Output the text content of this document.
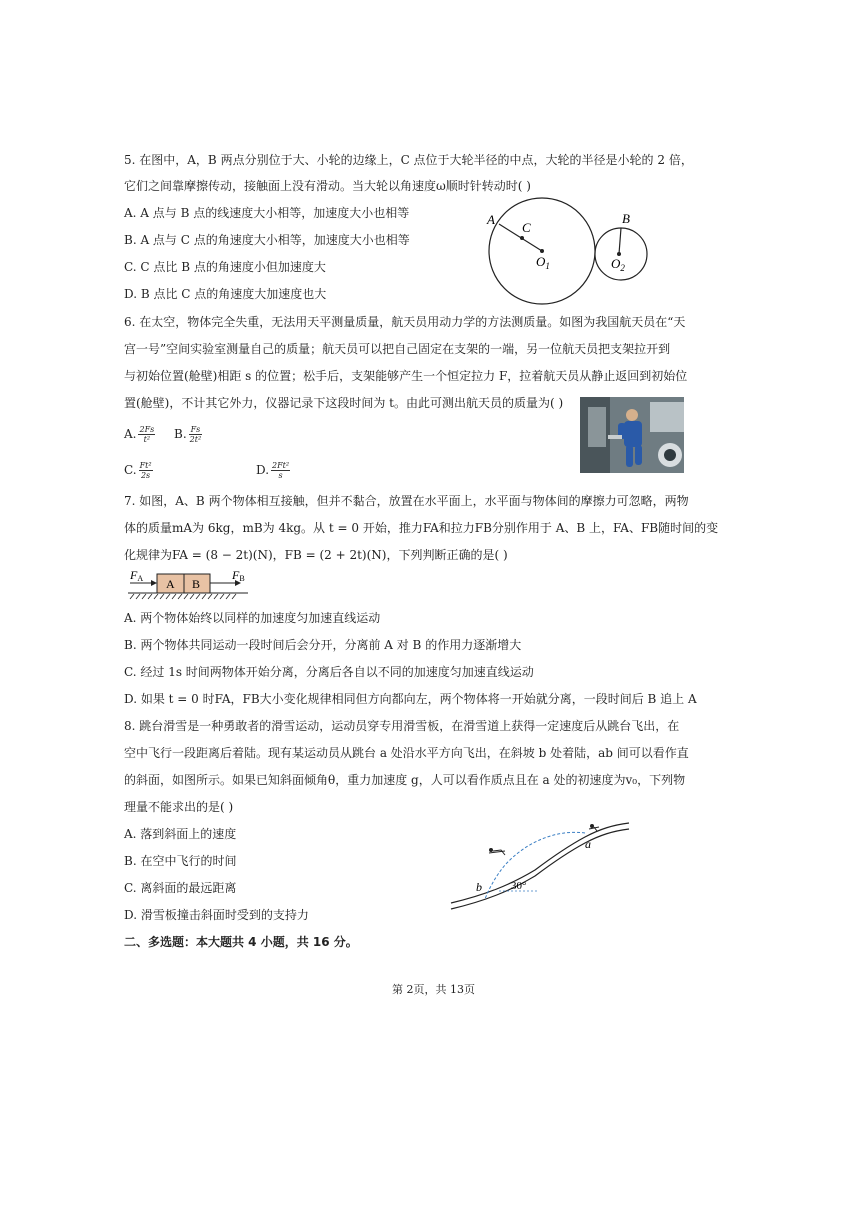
5. 在图中，A，B 两点分别位于大、小轮的边缘上，C 点位于大轮半径的中点，大轮的半径是小轮的 2 倍，
它们之间靠摩擦传动，接触面上没有滑动。当大轮以角速度ω顺时针转动时( )
A. A 点与 B 点的线速度大小相等，加速度大小也相等
B. A 点与 C 点的角速度大小相等，加速度大小也相等
C. C 点比 B 点的角速度小但加速度大
D. B 点比 C 点的角速度大加速度也大
A
C
B
$O_1$	$O_2$
6. 在太空，物体完全失重，无法用天平测量质量，航天员用动力学的方法测质量。如图为我国航天员在“天
宫一号”空间实验室测量自己的质量；航天员可以把自己固定在支架的一端，另一位航天员把支架拉开到
与初始位置(舱壁)相距 s 的位置；松手后，支架能够产生一个恒定拉力 F，拉着航天员从静止返回到初始位
置(舱壁)，不计其它外力，仪器记录下这段时间为 t。由此可测出航天员的质量为( )
A. $\frac{2Fs}{\text{t²}} B$. $\frac{Fs}{\text{2t²}}$
C. $\frac{\text{Ft²}}{2s}$	D. $\frac{\text{2Ft²}}{s}$
7. 如图，A、B 两个物体相互接触，但并不黏合，放置在水平面上，水平面与物体间的摩擦力可忽略，两物
体的质量mA为 6kg，mB为 4kg。从 t = 0 开始，推力FA和拉力FB分别作用于 A、B 上，FA、FB随时间的变
化规律为FA = (8 − 2t)(N)，FB = (2 + 2t)(N)，下列判断正确的是( )
A B
FA	FB
A. 两个物体始终以同样的加速度匀加速直线运动
B. 两个物体共同运动一段时间后会分开，分离前 A 对 B 的作用力逐渐增大
C. 经过 1s 时间两物体开始分离，分离后各自以不同的加速度匀加速直线运动
D. 如果 t = 0 时FA，FB大小变化规律相同但方向都向左，两个物体将一开始就分离，一段时间后 B 追上 A
8. 跳台滑雪是一种勇敢者的滑雪运动，运动员穿专用滑雪板，在滑雪道上获得一定速度后从跳台飞出，在
空中飞行一段距离后着陆。现有某运动员从跳台 a 处沿水平方向飞出，在斜坡 b 处着陆，ab 间可以看作直
的斜面，如图所示。如果已知斜面倾角θ，重力加速度 g，人可以看作质点且在 a 处的初速度为v₀，下列物
理量不能求出的是( )
A. 落到斜面上的速度
B. 在空中飞行的时间
C. 离斜面的最远距离
D. 滑雪板撞击斜面时受到的支持力
a
b	30°
二、多选题：本大题共 4 小题，共 16 分。
第 2页，共 13页
